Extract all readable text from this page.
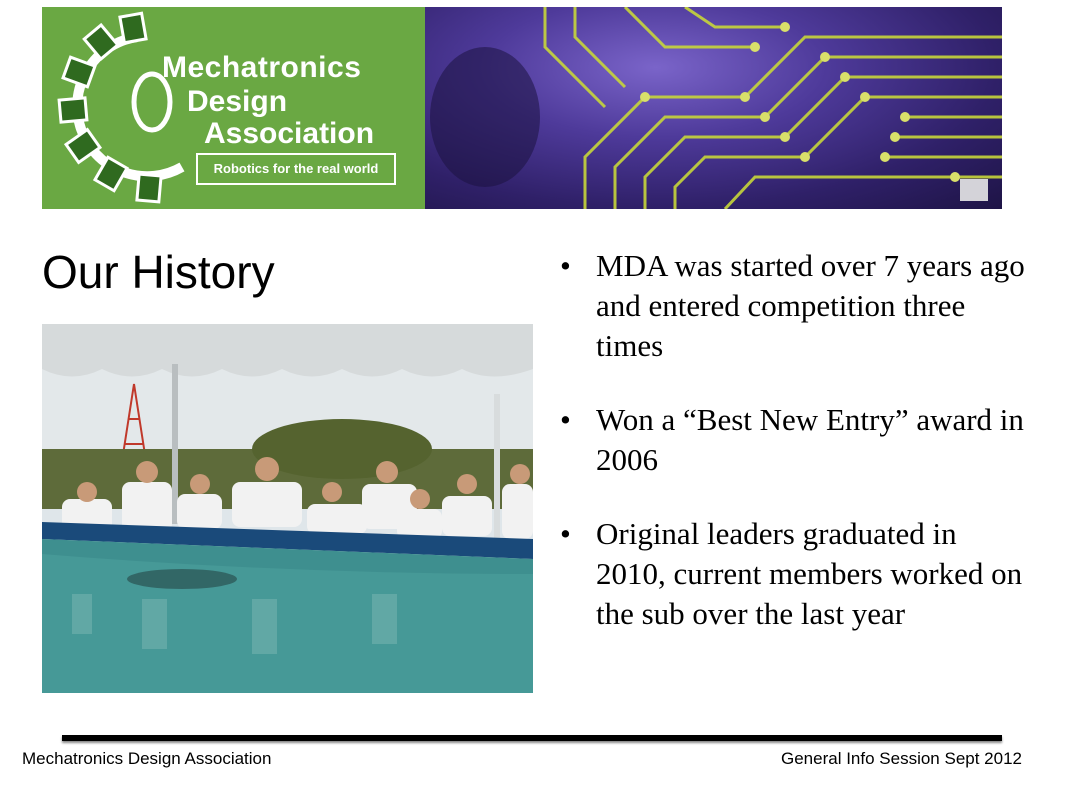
Mechatronics
Design
Association
Robotics for the real world
Our History
•	MDA was started over 7 years ago and entered competition three times
• Won a “Best New Entry” award in 2006
• Original leaders graduated in 2010, current members worked on the sub over the last year
Mechatronics Design Association	General Info Session Sept 2012
